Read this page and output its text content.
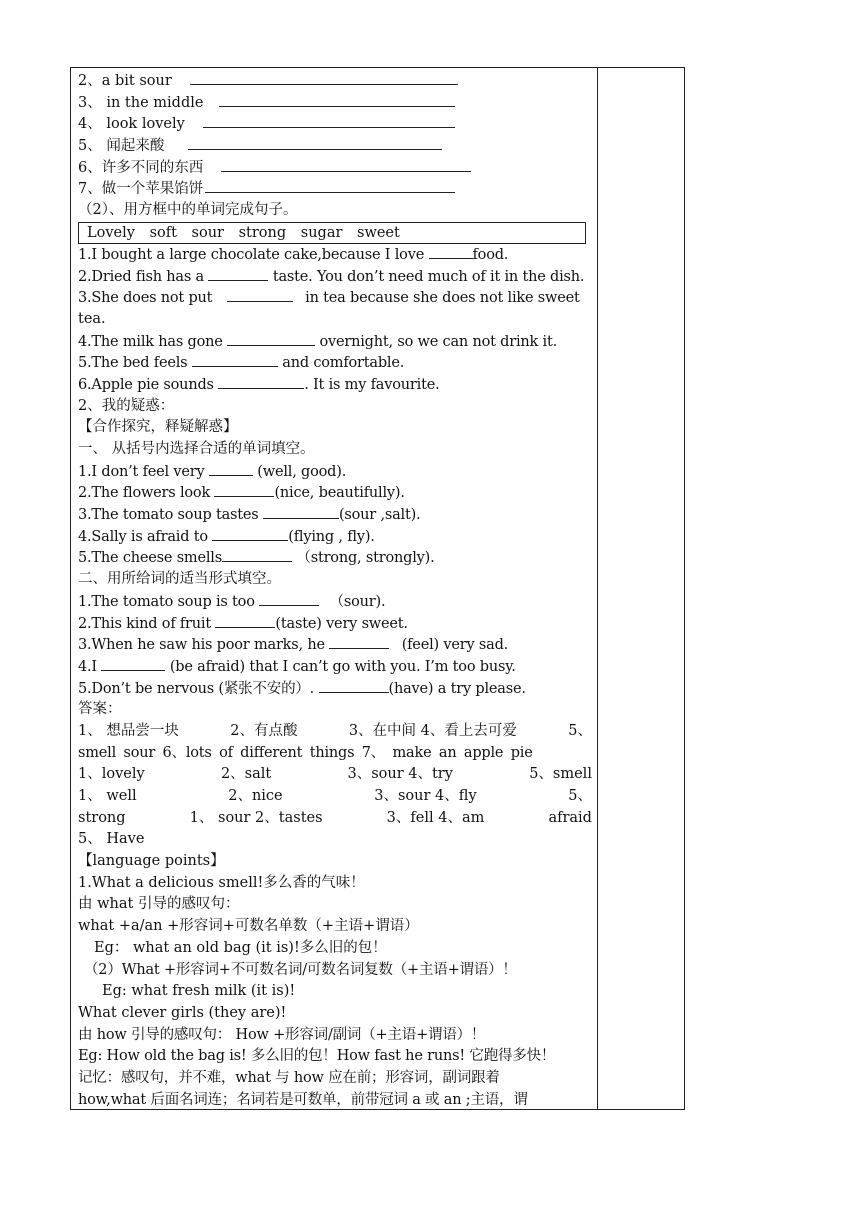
2、a bit sour
3、 in the middle
4、 look lovely
5、 闻起来酸
6、许多不同的东西
7、做一个苹果馅饼
（2）、用方框中的单词完成句子。
Lovely soft sour strong sugar sweet
1.I bought a large chocolate cake,because I love	food.
2.Dried fish has a	taste. You don’t need much of it in the dish.
3.She does not put	in tea because she does not like sweet
tea.
4.The milk has gone	overnight, so we can not drink it.
5.The bed feels	and comfortable.
6.Apple pie sounds	. It is my favourite.
2、我的疑惑：
【合作探究，释疑解惑】
一、 从括号内选择合适的单词填空。
1.I don’t feel very	(well, good).
2.The flowers look	(nice, beautifully).
3.The tomato soup tastes	(sour ,salt).
4.Sally is afraid to	(flying , fly).
5.The cheese smells	（strong, strongly).
二、用所给词的适当形式填空。
1.The tomato soup is too	（sour).
2.This kind of fruit	(taste) very sweet.
3.When he saw his poor marks, he	(feel) very sad.
4.I	(be afraid) that I can’t go with you. I’m too busy.
5.Don’t be nervous (紧张不安的）.	(have) a try please.
答案：
1、 想品尝一块	2、有点酸	3、在中间 4、看上去可爱	5、
smell sour 6、lots of different things 7、 make an apple pie
1、lovely	2、salt	3、sour 4、try	5、smell
1、 well	2、nice	3、sour 4、fly	5、
strong	1、 sour 2、tastes	3、fell 4、am	afraid
5、 Have
【language points】
1.What a delicious smell!多么香的气味！
由 what 引导的感叹句：
what +a/an +形容词+可数名单数（+主语+谓语）
Eg： what an old bag (it is)!多么旧的包！
（2）What +形容词+不可数名词/可数名词复数（+主语+谓语）！
Eg: what fresh milk (it is)!
What clever girls (they are)!
由 how 引导的感叹句： How +形容词/副词（+主语+谓语）！
Eg: How old the bag is! 多么旧的包！How fast he runs! 它跑得多快！
记忆：感叹句，并不难，what 与 how 应在前；形容词，副词跟着
how,what 后面名词连；名词若是可数单，前带冠词 a 或 an ;主语，谓
